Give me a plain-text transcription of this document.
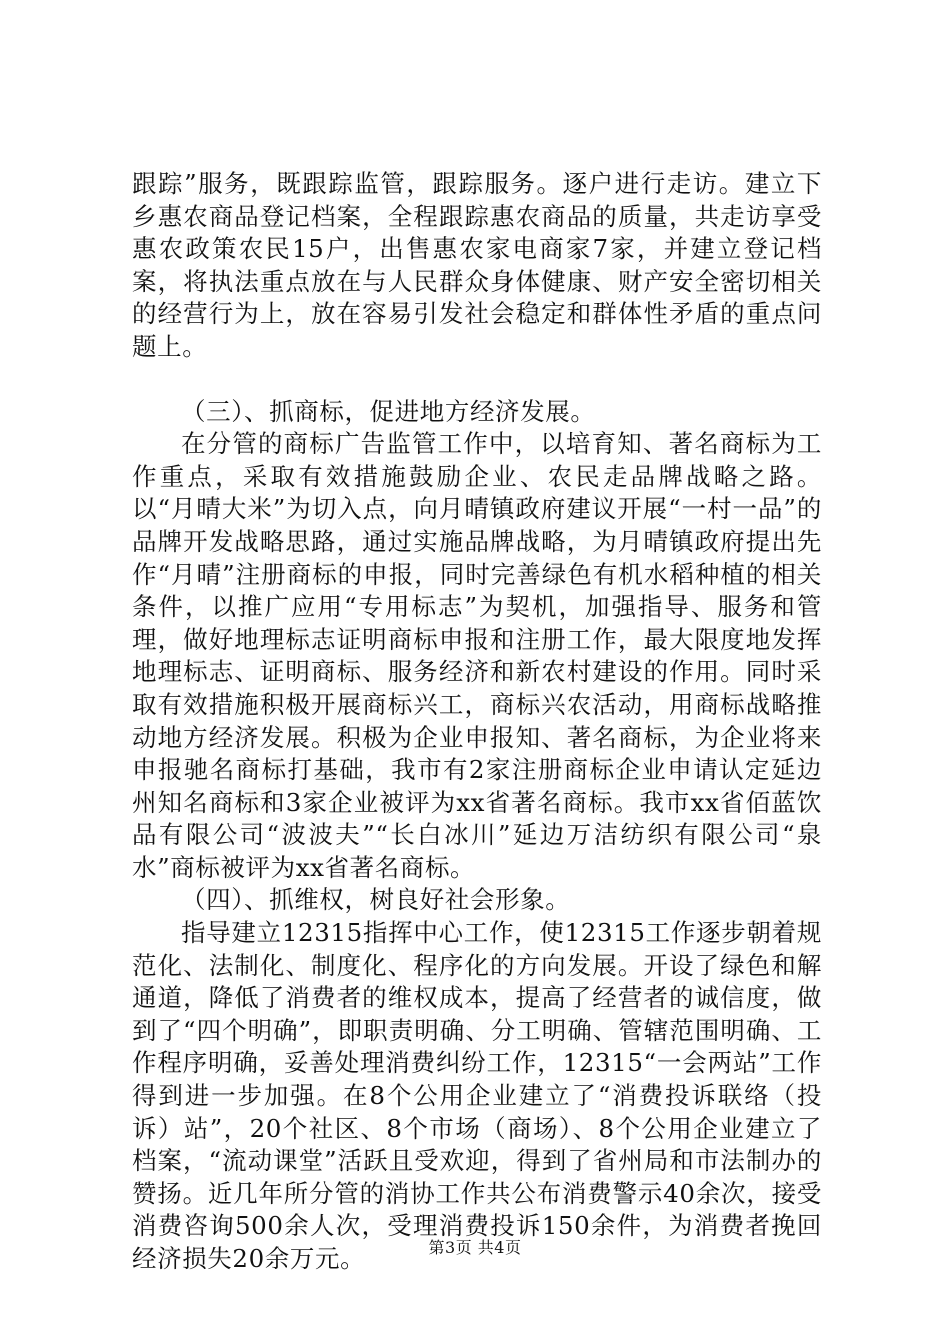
跟踪”服务，既跟踪监管，跟踪服务。逐户进行走访。建立下乡惠农商品登记档案，全程跟踪惠农商品的质量，共走访享受惠农政策农民15户，出售惠农家电商家7家，并建立登记档案，将执法重点放在与人民群众身体健康、财产安全密切相关的经营行为上，放在容易引发社会稳定和群体性矛盾的重点问题上。

（三）、抓商标，促进地方经济发展。

在分管的商标广告监管工作中，以培育知、著名商标为工作重点，采取有效措施鼓励企业、农民走品牌战略之路。以“月晴大米”为切入点，向月晴镇政府建议开展“一村一品”的品牌开发战略思路，通过实施品牌战略，为月晴镇政府提出先作“月晴”注册商标的申报，同时完善绿色有机水稻种植的相关条件，以推广应用“专用标志”为契机，加强指导、服务和管理，做好地理标志证明商标申报和注册工作，最大限度地发挥地理标志、证明商标、服务经济和新农村建设的作用。同时采取有效措施积极开展商标兴工，商标兴农活动，用商标战略推动地方经济发展。积极为企业申报知、著名商标，为企业将来申报驰名商标打基础，我市有2家注册商标企业申请认定延边州知名商标和3家企业被评为xx省著名商标。我市xx省佰蓝饮品有限公司“波波夫”“长白冰川”延边万洁纺织有限公司“泉水”商标被评为xx省著名商标。

（四）、抓维权，树良好社会形象。

指导建立12315指挥中心工作，使12315工作逐步朝着规范化、法制化、制度化、程序化的方向发展。开设了绿色和解通道，降低了消费者的维权成本，提高了经营者的诚信度，做到了“四个明确”，即职责明确、分工明确、管辖范围明确、工作程序明确，妥善处理消费纠纷工作，12315“一会两站”工作得到进一步加强。在8个公用企业建立了“消费投诉联络（投诉）站”，20个社区、8个市场（商场）、8个公用企业建立了档案，“流动课堂”活跃且受欢迎，得到了省州局和市法制办的赞扬。近几年所分管的消协工作共公布消费警示40余次，接受消费咨询500余人次，受理消费投诉150余件，为消费者挽回经济损失20余万元。	第3页 共4页
